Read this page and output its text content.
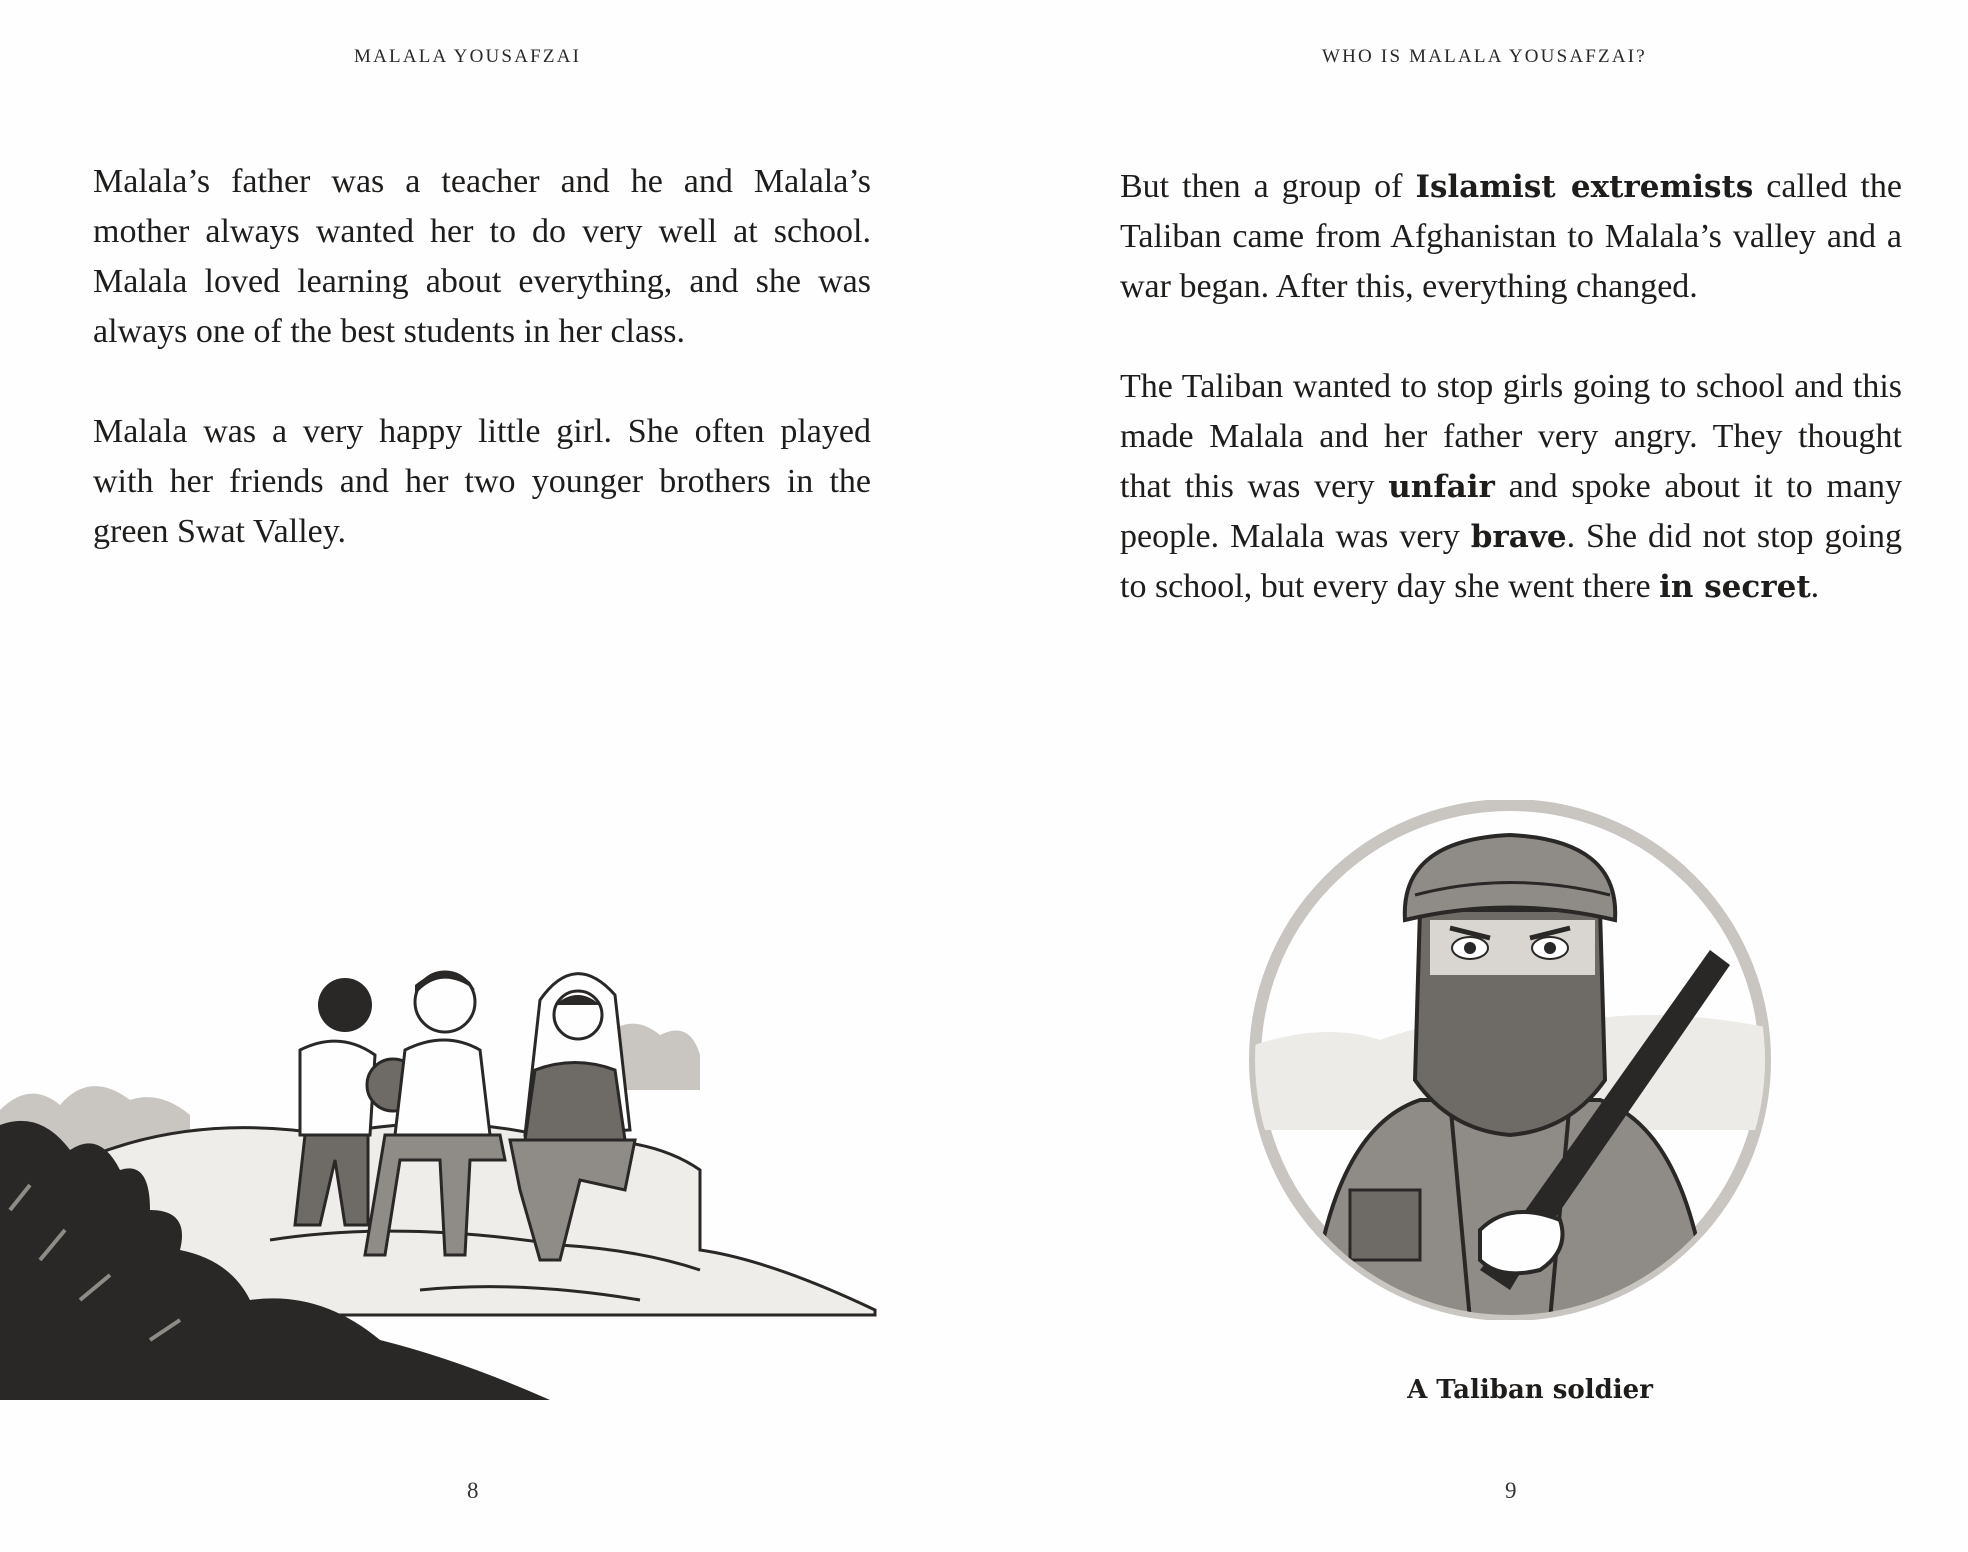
MALALA YOUSAFZAI

Malala’s father was a teacher and he and Malala’s mother always wanted her to do very well at school. Malala loved learning about everything, and she was always one of the best students in her class.

Malala was a very happy little girl. She often played with her friends and her two younger brothers in the green Swat Valley.

8
WHO IS MALALA YOUSAFZAI?

But then a group of Islamist extremists called the Taliban came from Afghanistan to Malala’s valley and a war began. After this, everything changed.

The Taliban wanted to stop girls going to school and this made Malala and her father very angry. They thought that this was very unfair and spoke about it to many people. Malala was very brave. She did not stop going to school, but every day she went there in secret.

A Taliban soldier
9
